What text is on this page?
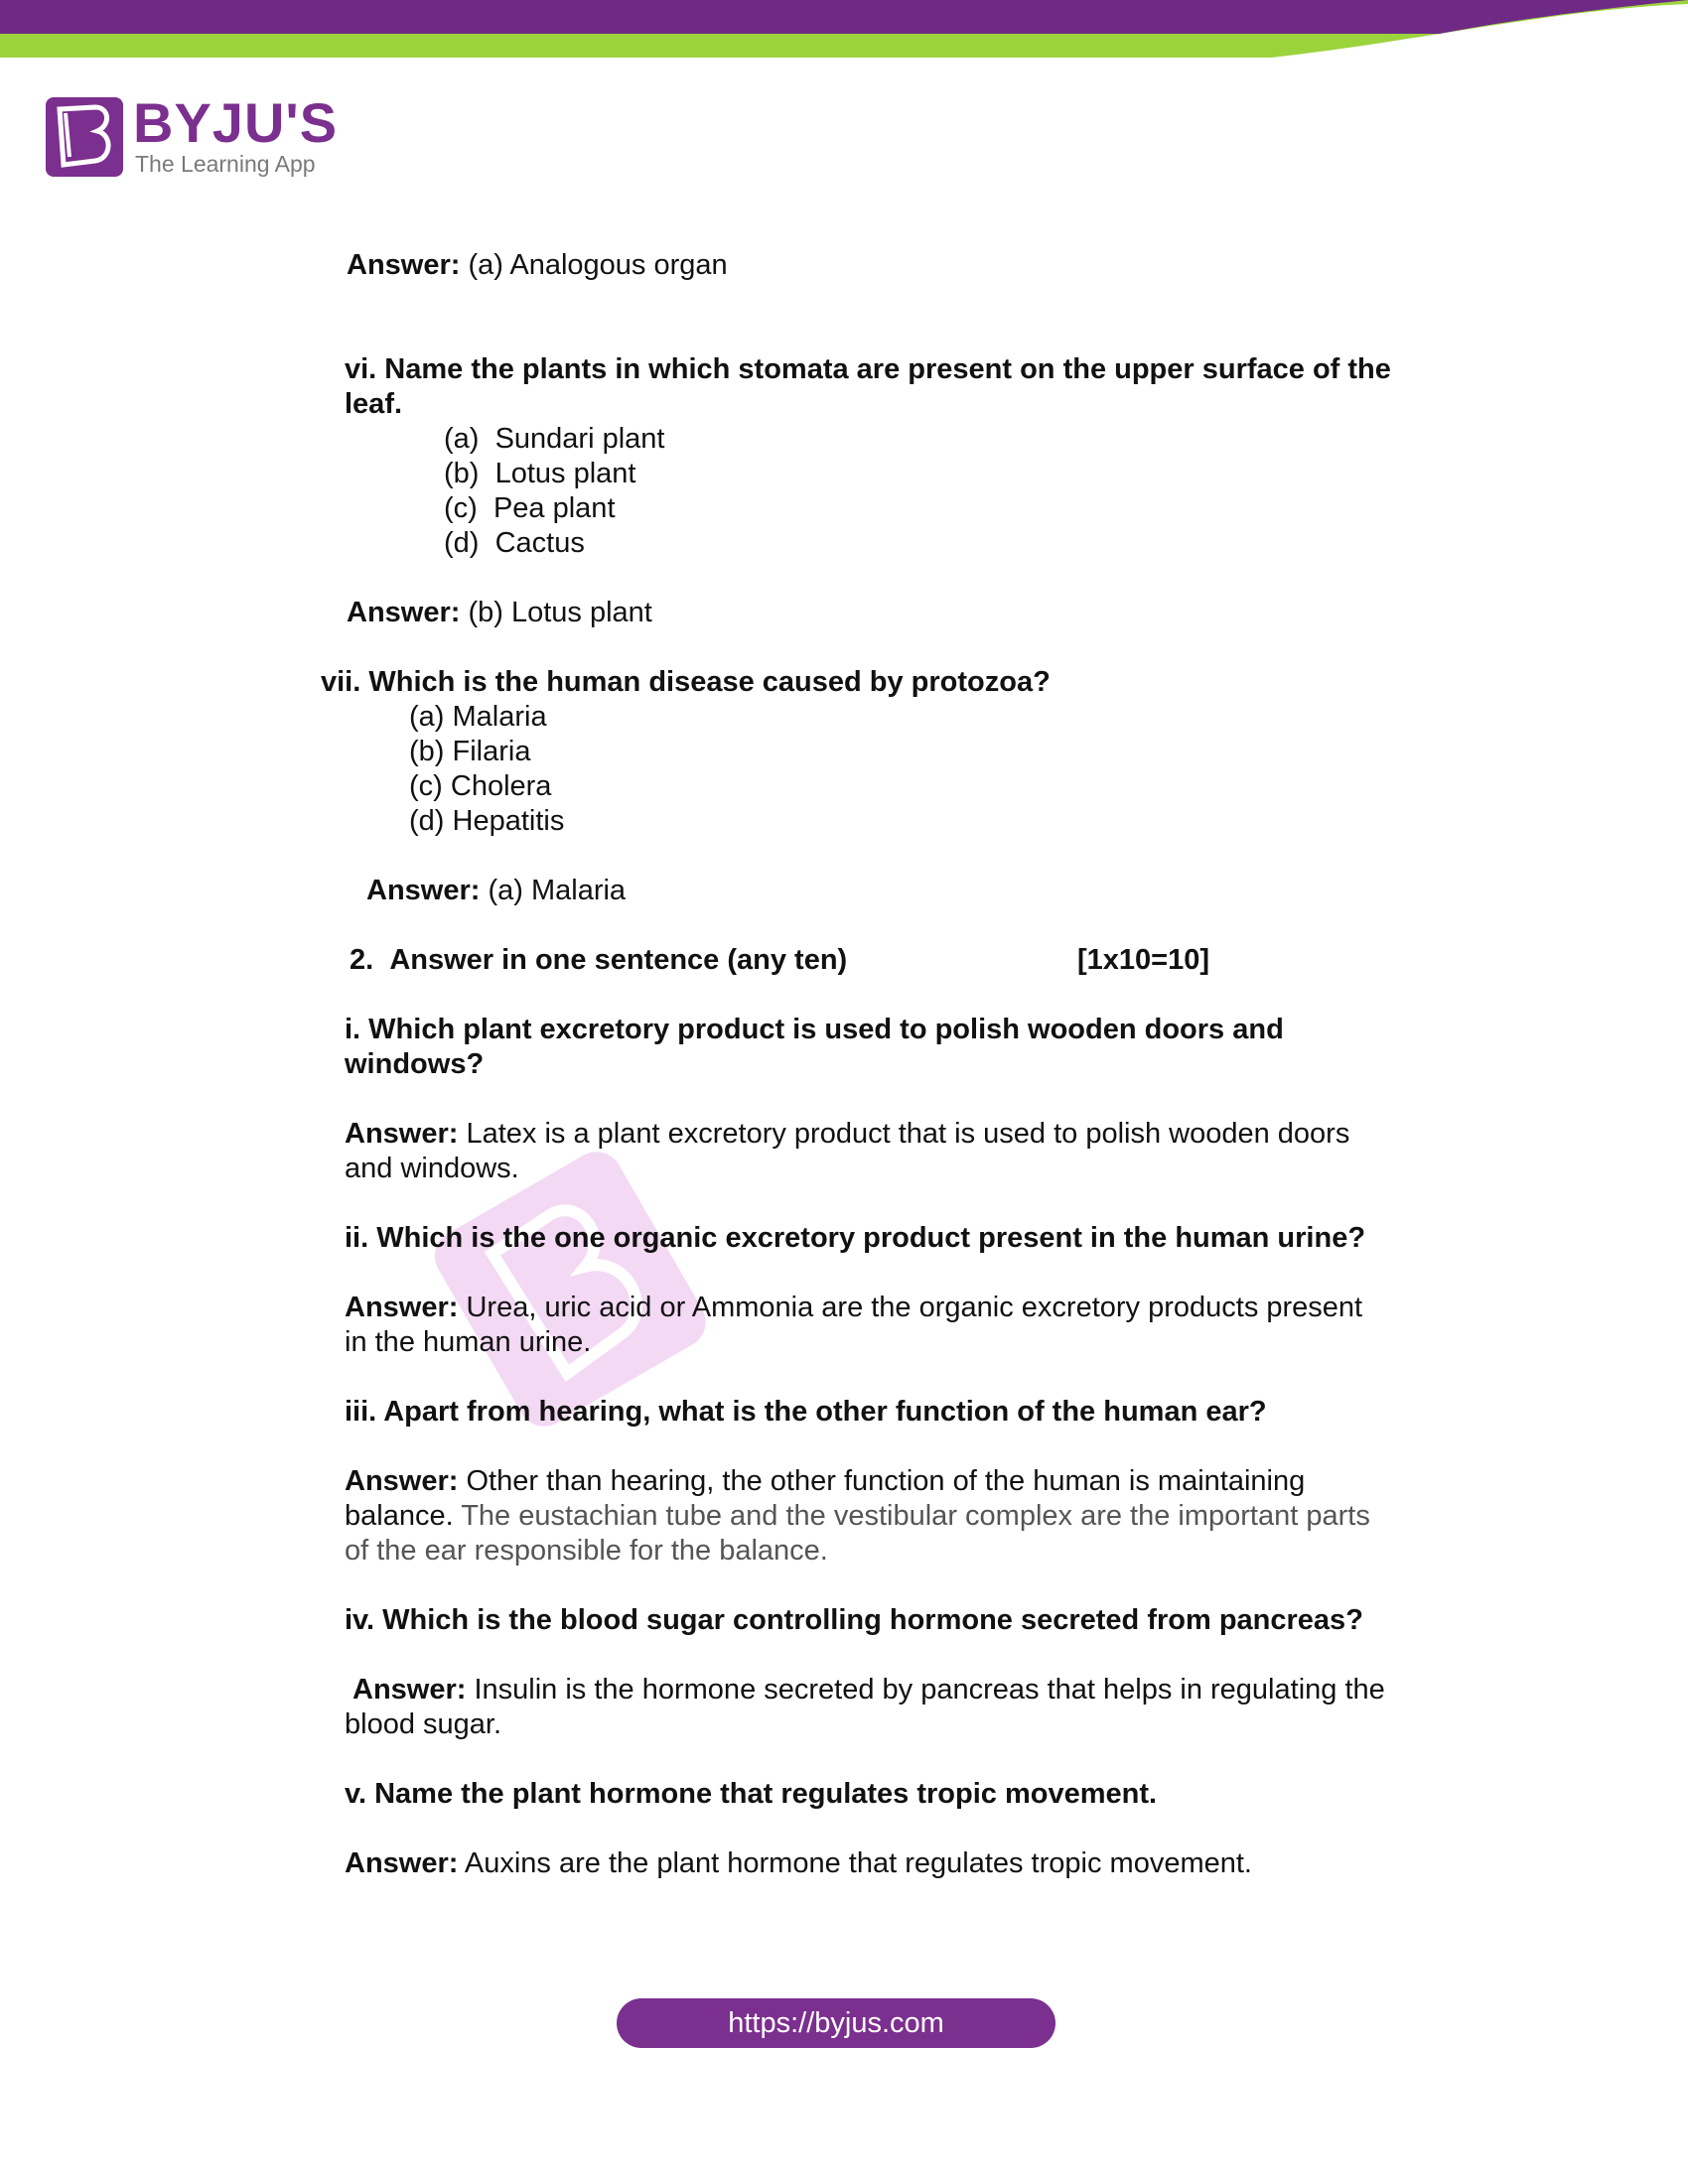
BYJU'S
The Learning App
Answer: (a) Analogous organ
vi. Name the plants in which stomata are present on the upper surface of the
leaf.
(a) Sundari plant
(b) Lotus plant
(c) Pea plant
(d) Cactus
Answer: (b) Lotus plant
vii. Which is the human disease caused by protozoa?
(a) Malaria
(b) Filaria
(c) Cholera
(d) Hepatitis
Answer: (a) Malaria
2. Answer in one sentence (any ten)	[1x10=10]
i. Which plant excretory product is used to polish wooden doors and
windows?
Answer: Latex is a plant excretory product that is used to polish wooden doors
and windows.
ii. Which is the one organic excretory product present in the human urine?
Answer: Urea, uric acid or Ammonia are the organic excretory products present
in the human urine.
iii. Apart from hearing, what is the other function of the human ear?
Answer: Other than hearing, the other function of the human is maintaining
balance. The eustachian tube and the vestibular complex are the important parts
of the ear responsible for the balance.
iv. Which is the blood sugar controlling hormone secreted from pancreas?
Answer: Insulin is the hormone secreted by pancreas that helps in regulating the
blood sugar.
v. Name the plant hormone that regulates tropic movement.
Answer: Auxins are the plant hormone that regulates tropic movement.
https://byjus.com
